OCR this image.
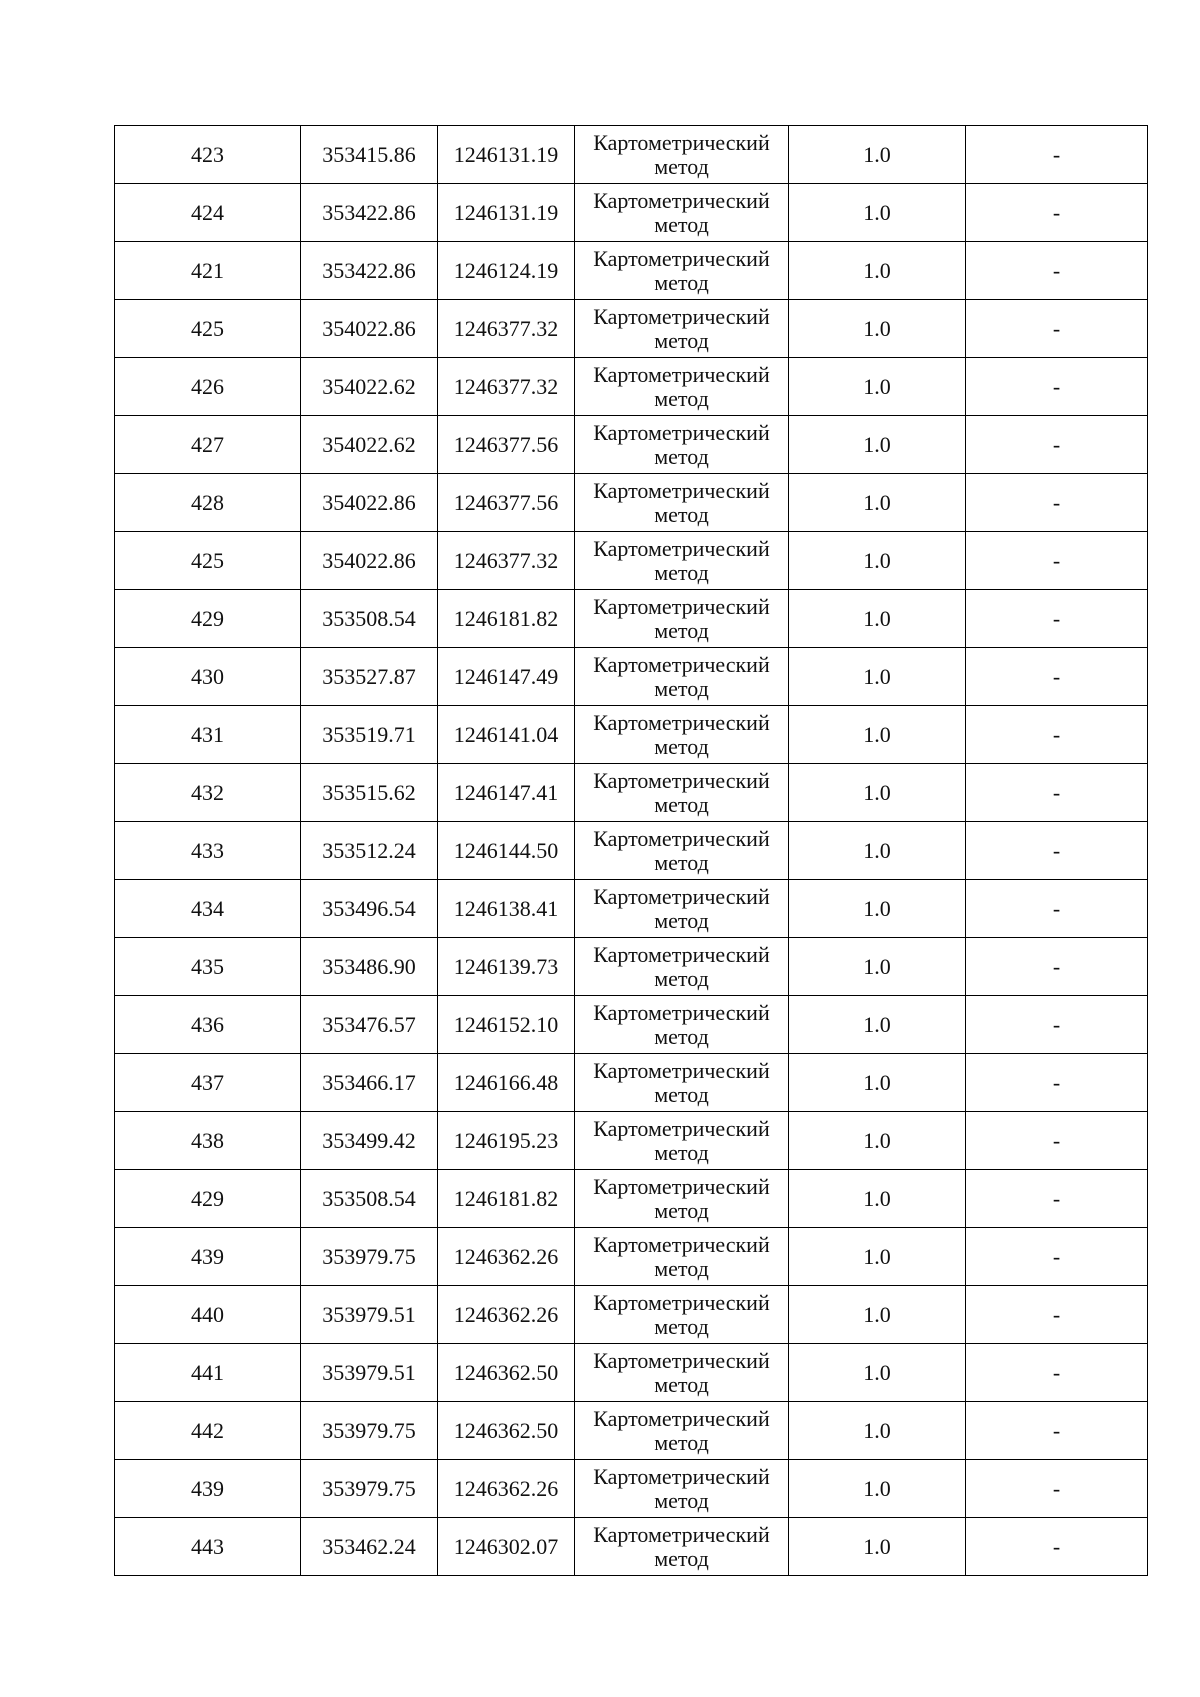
423	353415.86	1246131.19	Картометрический
метод	1.0	-
424	353422.86	1246131.19	Картометрический
метод	1.0	-
421	353422.86	1246124.19	Картометрический
метод	1.0	-
425	354022.86	1246377.32	Картометрический
метод	1.0	-
426	354022.62	1246377.32	Картометрический
метод	1.0	-
427	354022.62	1246377.56	Картометрический
метод	1.0	-
428	354022.86	1246377.56	Картометрический
метод	1.0	-
425	354022.86	1246377.32	Картометрический
метод	1.0	-
429	353508.54	1246181.82	Картометрический
метод	1.0	-
430	353527.87	1246147.49	Картометрический
метод	1.0	-
431	353519.71	1246141.04	Картометрический
метод	1.0	-
432	353515.62	1246147.41	Картометрический
метод	1.0	-
433	353512.24	1246144.50	Картометрический
метод	1.0	-
434	353496.54	1246138.41	Картометрический
метод	1.0	-
435	353486.90	1246139.73	Картометрический
метод	1.0	-
436	353476.57	1246152.10	Картометрический
метод	1.0	-
437	353466.17	1246166.48	Картометрический
метод	1.0	-
438	353499.42	1246195.23	Картометрический
метод	1.0	-
429	353508.54	1246181.82	Картометрический
метод	1.0	-
439	353979.75	1246362.26	Картометрический
метод	1.0	-
440	353979.51	1246362.26	Картометрический
метод	1.0	-
441	353979.51	1246362.50	Картометрический
метод	1.0	-
442	353979.75	1246362.50	Картометрический
метод	1.0	-
439	353979.75	1246362.26	Картометрический
метод	1.0	-
443	353462.24	1246302.07	Картометрический
метод	1.0	-
